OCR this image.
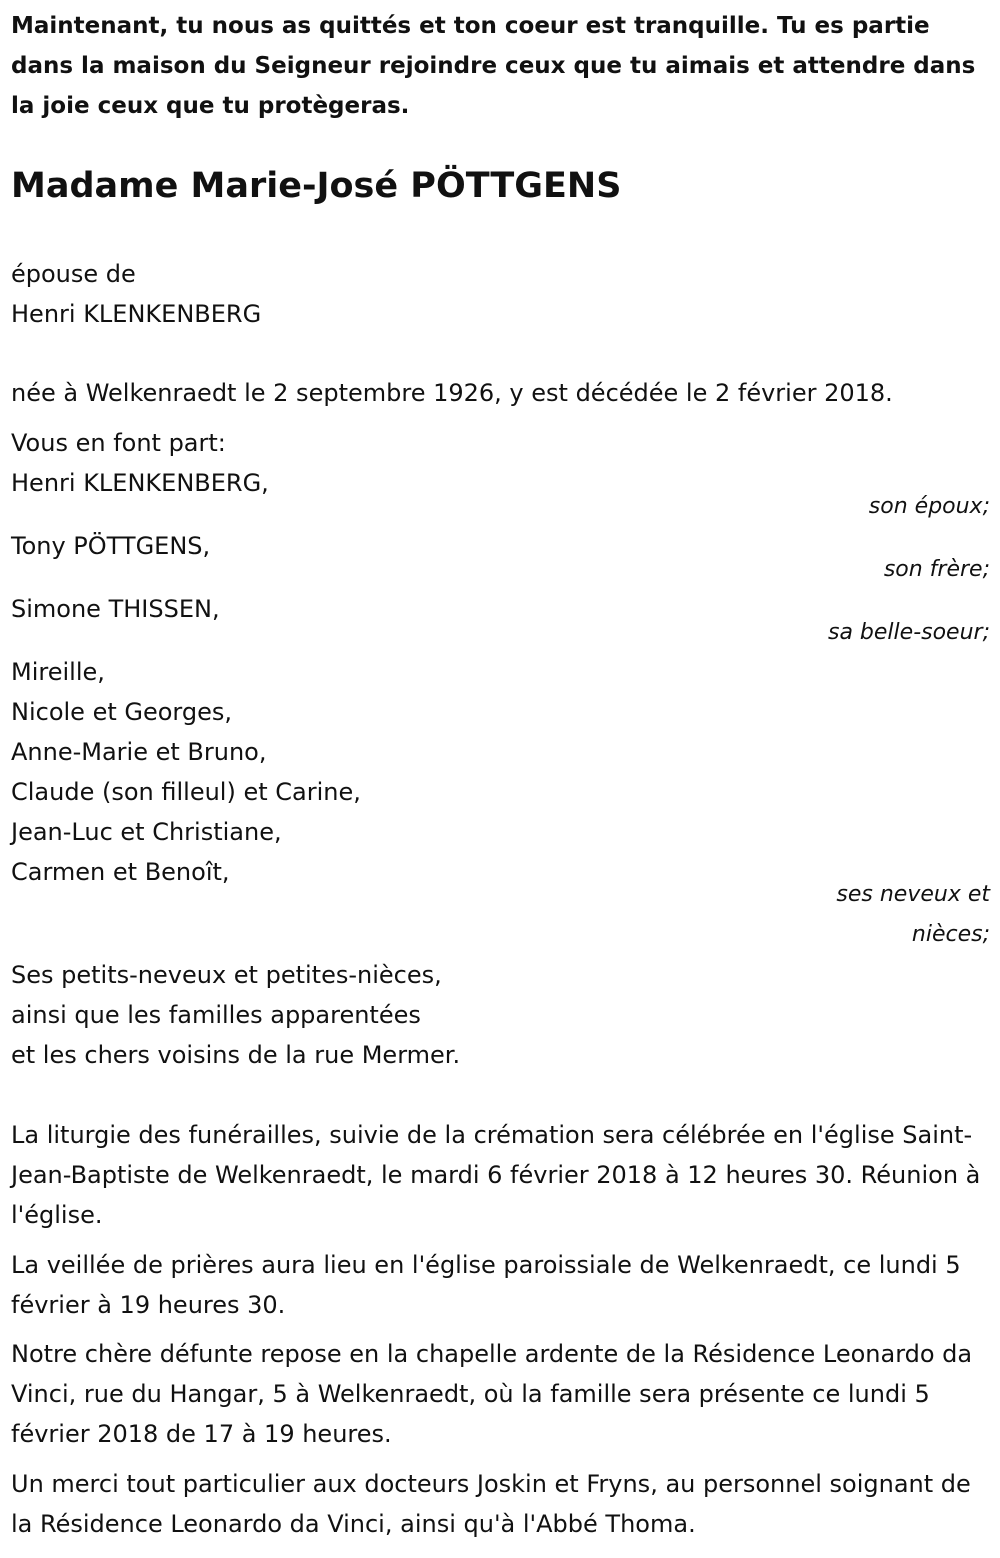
Maintenant, tu nous as quittés et ton coeur est tranquille. Tu es partie dans la maison du Seigneur rejoindre ceux que tu aimais et attendre dans la joie ceux que tu protègeras.

Madame Marie-José PÖTTGENS

épouse de

Henri KLENKENBERG

née à Welkenraedt le 2 septembre 1926, y est décédée le 2 février 2018.

Vous en font part:

Henri KLENKENBERG,

son époux;

Tony PÖTTGENS,

son frère;

Simone THISSEN,

sa belle-soeur;

Mireille,

Nicole et Georges,

Anne-Marie et Bruno,

Claude (son filleul) et Carine,

Jean-Luc et Christiane,

Carmen et Benoît,

ses neveux et
nièces;

Ses petits-neveux et petites-nièces,

ainsi que les familles apparentées

et les chers voisins de la rue Mermer.

La liturgie des funérailles, suivie de la crémation sera célébrée en l'église Saint-Jean-Baptiste de Welkenraedt, le mardi 6 février 2018 à 12 heures 30. Réunion à l'église.

La veillée de prières aura lieu en l'église paroissiale de Welkenraedt, ce lundi 5 février à 19 heures 30.

Notre chère défunte repose en la chapelle ardente de la Résidence Leonardo da Vinci, rue du Hangar, 5 à Welkenraedt, où la famille sera présente ce lundi 5 février 2018 de 17 à 19 heures.

Un merci tout particulier aux docteurs Joskin et Fryns, au personnel soignant de la Résidence Leonardo da Vinci, ainsi qu'à l'Abbé Thoma.
